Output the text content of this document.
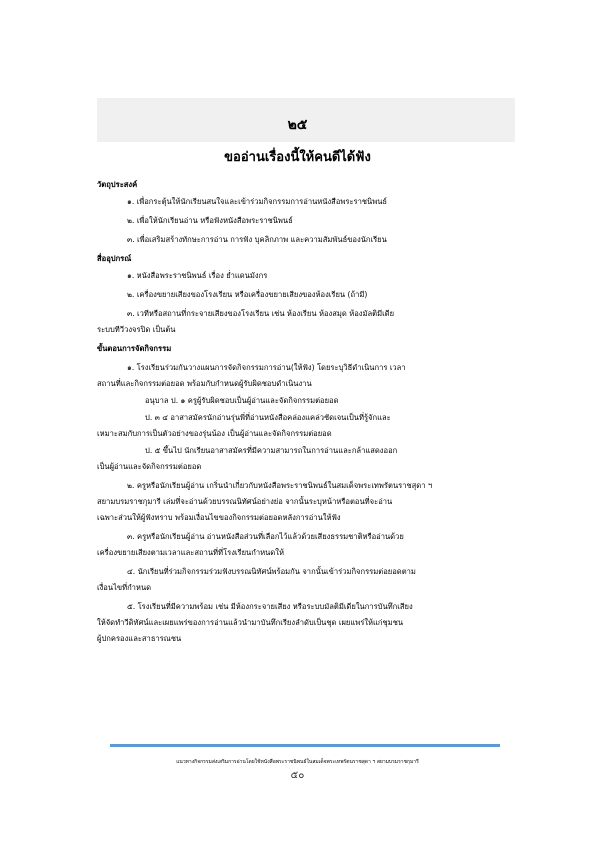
๒๕
ขออ่านเรื่องนี้ให้คนดีได้ฟัง
วัตถุประสงค์
๑. เพื่อกระตุ้นให้นักเรียนสนใจและเข้าร่วมกิจกรรมการอ่านหนังสือพระราชนิพนธ์
๒. เพื่อให้นักเรียนอ่าน หรือฟังหนังสือพระราชนิพนธ์
๓. เพื่อเสริมสร้างทักษะการอ่าน การฟัง บุคลิกภาพ และความสัมพันธ์ของนักเรียน
สื่ออุปกรณ์
๑. หนังสือพระราชนิพนธ์ เรื่อง ย่ำแดนมังกร
๒. เครื่องขยายเสียงของโรงเรียน หรือเครื่องขยายเสียงของห้องเรียน (ถ้ามี)
๓. เวทีหรือสถานที่กระจายเสียงของโรงเรียน เช่น ห้องเรียน ห้องสมุด ห้องมัลติมีเดีย
ระบบทีวีวงจรปิด เป็นต้น
ขั้นตอนการจัดกิจกรรม
๑. โรงเรียนร่วมกันวางแผนการจัดกิจกรรมการอ่าน(ให้ฟัง) โดยระบุวิธีดำเนินการ เวลา
สถานที่และกิจกรรมต่อยอด พร้อมกับกำหนดผู้รับผิดชอบดำเนินงาน
อนุบาล ป. ๑ ครูผู้รับผิดชอบเป็นผู้อ่านและจัดกิจกรรมต่อยอด
ป. ๓ ๔ อาสาสมัครนักอ่านรุ่นพี่ที่อ่านหนังสือคล่องแคล่วชัดเจนเป็นที่รู้จักและ
เหมาะสมกับการเป็นตัวอย่างของรุ่นน้อง เป็นผู้อ่านและจัดกิจกรรมต่อยอด
ป. ๕ ขึ้นไป นักเรียนอาสาสมัครที่มีความสามารถในการอ่านและกล้าแสดงออก
เป็นผู้อ่านและจัดกิจกรรมต่อยอด
๒. ครูหรือนักเรียนผู้อ่าน เกริ่นนำเกี่ยวกับหนังสือพระราชนิพนธ์ในสมเด็จพระเทพรัตนราชสุดา ฯ
สยามบรมราชกุมารี เล่มที่จะอ่านด้วยบรรณนิทัศน์อย่างย่อ จากนั้นระบุหน้าหรือตอนที่จะอ่าน
เฉพาะส่วนให้ผู้ฟังทราบ พร้อมเงื่อนไขของกิจกรรมต่อยอดหลังการอ่านให้ฟัง
๓. ครูหรือนักเรียนผู้อ่าน อ่านหนังสือส่วนที่เลือกไว้แล้วด้วยเสียงธรรมชาติหรืออ่านด้วย
เครื่องขยายเสียงตามเวลาและสถานที่ที่โรงเรียนกำหนดให้
๔. นักเรียนที่ร่วมกิจกรรมร่วมฟังบรรณนิทัศน์พร้อมกัน จากนั้นเข้าร่วมกิจกรรมต่อยอดตาม
เงื่อนไขที่กำหนด
๕. โรงเรียนที่มีความพร้อม เช่น มีห้องกระจายเสียง หรือระบบมัลติมีเดียในการบันทึกเสียง
ให้จัดทำวีดิทัศน์และเผยแพร่ของการอ่านแล้วนำมาบันทึกเรียงลำดับเป็นชุด เผยแพร่ให้แก่ชุมชน
ผู้ปกครองและสาธารณชน
แนวทางกิจกรรมส่งเสริมการอ่านโดยใช้หนังสือพระราชนิพนธ์ในสมเด็จพระเทพรัตนราชสุดา ฯ สยามบรมราชกุมารี
๕๐
